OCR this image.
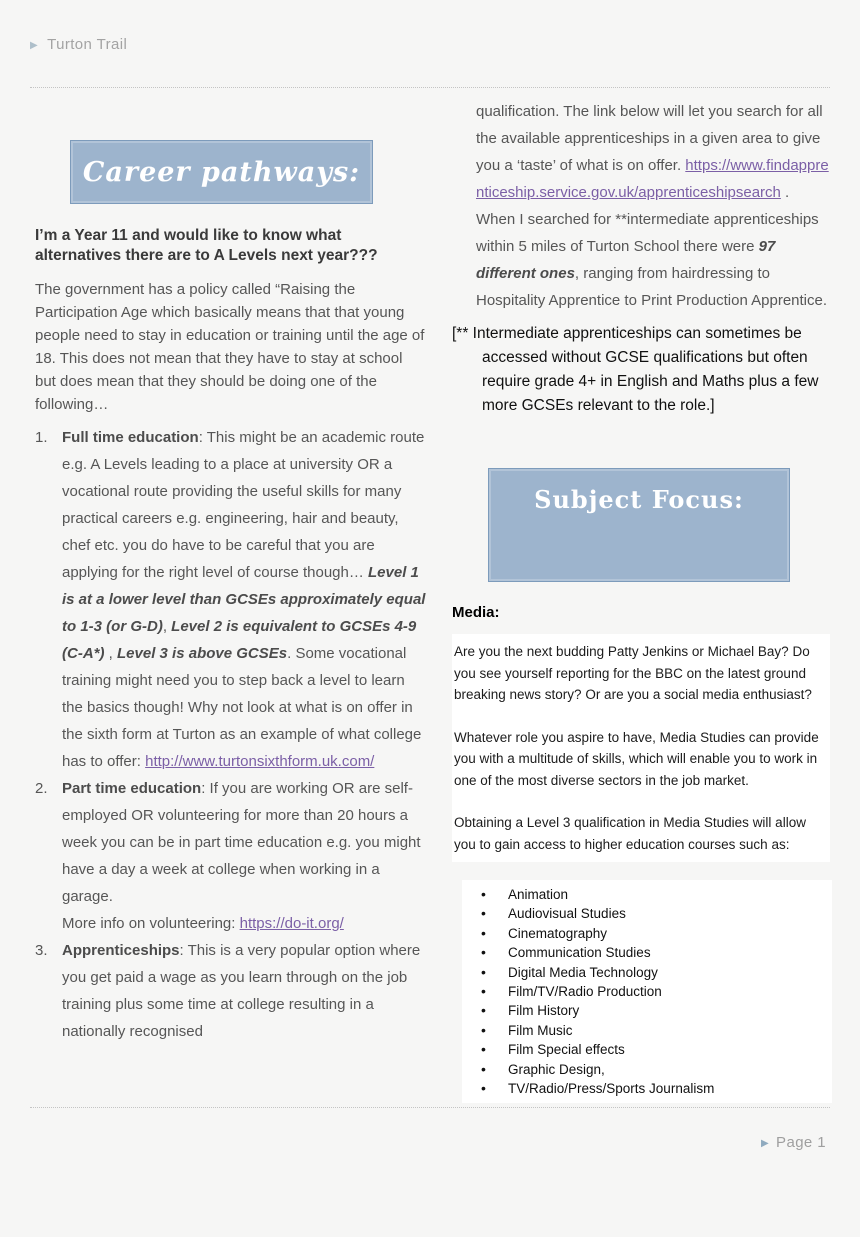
▶ Turton Trail
Career pathways:

I’m a Year 11 and would like to know what alternatives there are to A Levels next year???

The government has a policy called “Raising the Participation Age which basically means that that young people need to stay in education or training until the age of 18. This does not mean that they have to stay at school but does mean that they should be doing one of the following…

1. Full time education: This might be an academic route e.g. A Levels leading to a place at university OR a vocational route providing the useful skills for many practical careers e.g. engineering, hair and beauty, chef etc. you do have to be careful that you are applying for the right level of course though… Level 1 is at a lower level than GCSEs approximately equal to 1-3 (or G-D), Level 2 is equivalent to GCSEs 4-9 (C-A*) , Level 3 is above GCSEs. Some vocational training might need you to step back a level to learn the basics though! Why not look at what is on offer in the sixth form at Turton as an example of what college has to offer: http://www.turtonsixthform.uk.com/
2. Part time education: If you are working OR are self-employed OR volunteering for more than 20 hours a week you can be in part time education e.g. you might have a day a week at college when working in a garage.
More info on volunteering: https://do-it.org/
3. Apprenticeships: This is a very popular option where you get paid a wage as you learn through on the job training plus some time at college resulting in a nationally recognised

qualification. The link below will let you search for all the available apprenticeships in a given area to give you a ‘taste’ of what is on offer. https://www.findapprenticeship.service.gov.uk/apprenticeshipsearch . When I searched for **intermediate apprenticeships within 5 miles of Turton School there were 97 different ones, ranging from hairdressing to Hospitality Apprentice to Print Production Apprentice.

[** Intermediate apprenticeships can sometimes be accessed without GCSE qualifications but often require grade 4+ in English and Maths plus a few more GCSEs relevant to the role.]
Subject Focus:
Media:

Are you the next budding Patty Jenkins or Michael Bay? Do you see yourself reporting for the BBC on the latest ground breaking news story? Or are you a social media enthusiast?

Whatever role you aspire to have, Media Studies can provide you with a multitude of skills, which will enable you to work in one of the most diverse sectors in the job market.

Obtaining a Level 3 qualification in Media Studies will allow you to gain access to higher education courses such as:

• Animation
• Audiovisual Studies
• Cinematography
• Communication Studies
• Digital Media Technology
• Film/TV/Radio Production
• Film History
• Film Music
• Film Special effects
• Graphic Design,
• TV/Radio/Press/Sports Journalism
▶ Page 1
